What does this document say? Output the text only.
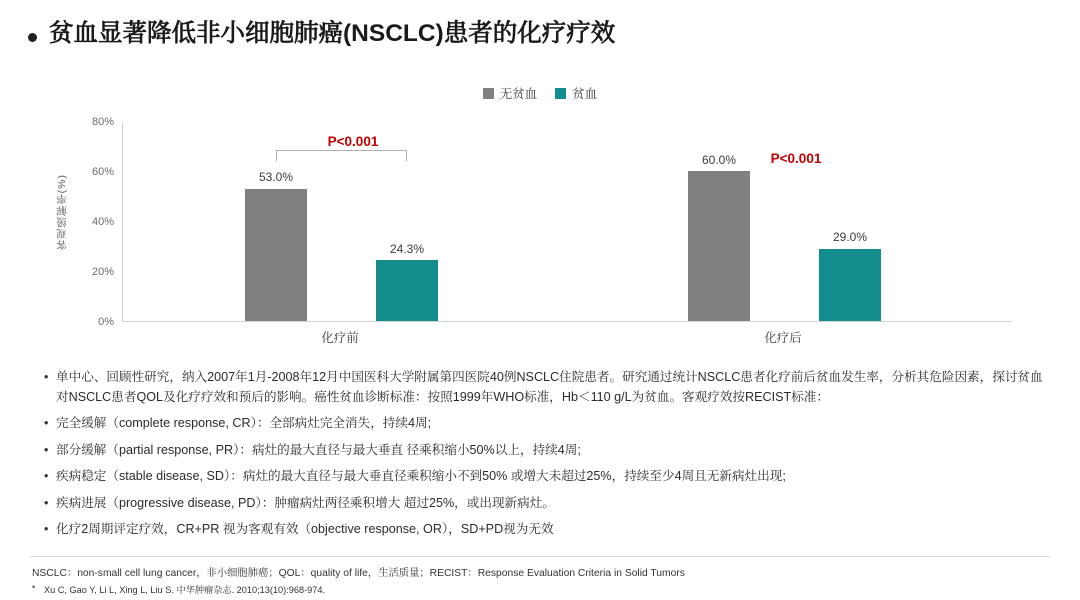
贫血显著降低非小细胞肺癌(NSCLC)患者的化疗疗效
无贫血	贫血
客观缓解率(%)
0%
20%
40%
60%
80%
53.0%
24.3%
P<0.001
60.0%
29.0%
P<0.001
化疗前	化疗后
• 单中心、回顾性研究，纳入2007年1月-2008年12月中国医科大学附属第四医院40例NSCLC住院患者。研究通过统计NSCLC患者化疗前后贫血发生率，分析其危险因素，探讨贫血对NSCLC患者QOL及化疗疗效和预后的影响。癌性贫血诊断标准：按照1999年WHO标准，Hb＜110 g/L为贫血。客观疗效按RECIST标准：
• 完全缓解（complete response, CR）：全部病灶完全消失，持续4周;
• 部分缓解（partial response, PR）：病灶的最大直径与最大垂直 径乘积缩小50%以上，持续4周;
• 疾病稳定（stable disease, SD）：病灶的最大直径与最大垂直径乘积缩小不到50% 或增大未超过25%，持续至少4周且无新病灶出现;
• 疾病进展（progressive disease, PD）：肿瘤病灶两径乘积增大 超过25%，或出现新病灶。
• 化疗2周期评定疗效，CR+PR 视为客观有效（objective response, OR），SD+PD视为无效
NSCLC：non-small cell lung cancer，非小细胞肺癌；QOL：quality of life，生活质量；RECIST：Response Evaluation Criteria in Solid Tumors
• Xu C, Gao Y, Li L, Xing L, Liu S. 中华肿瘤杂志. 2010;13(10):968-974.
